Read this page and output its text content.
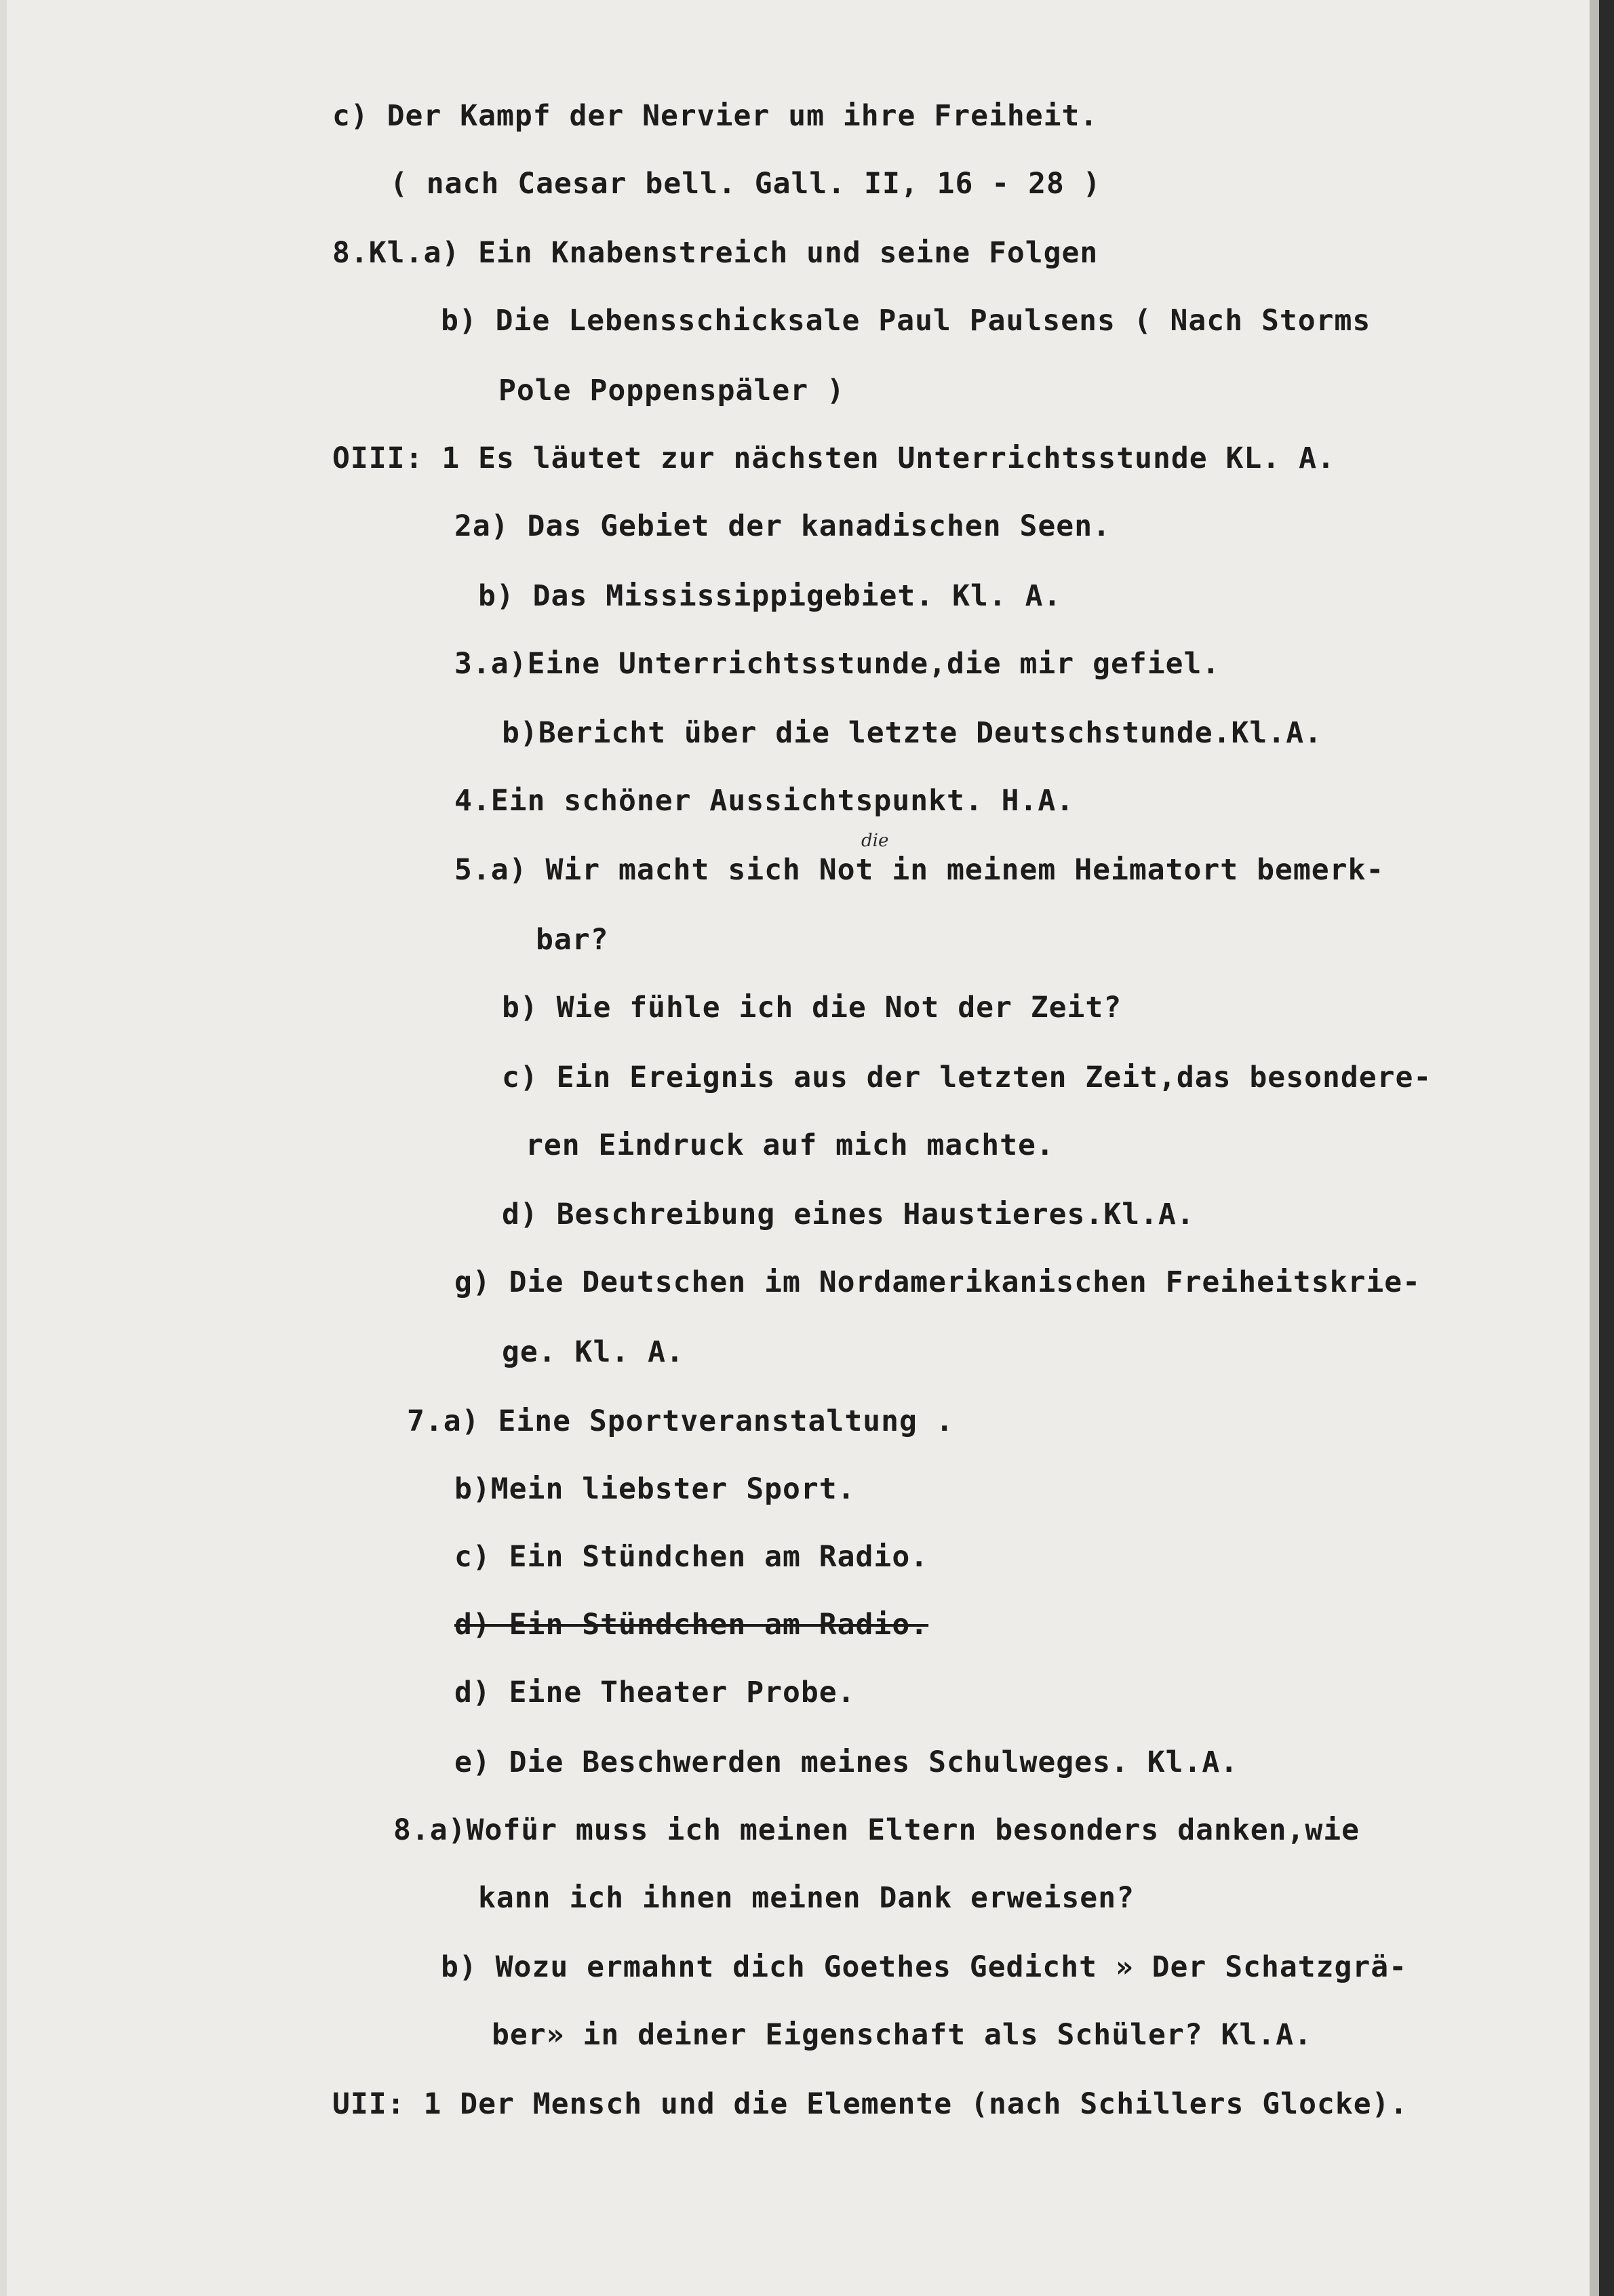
c) Der Kampf der Nervier um ihre Freiheit.
( nach Caesar bell. Gall. II, 16 - 28 )
8.Kl.a) Ein Knabenstreich und seine Folgen
b) Die Lebensschicksale Paul Paulsens ( Nach Storms
Pole Poppenspäler )
OIII: 1 Es läutet zur nächsten Unterrichtsstunde KL. A.
2a) Das Gebiet der kanadischen Seen.
b) Das Mississippigebiet. Kl. A.
3.a)Eine Unterrichtsstunde,die mir gefiel.
b)Bericht über die letzte Deutschstunde.Kl.A.
4.Ein schöner Aussichtspunkt. H.A.
die
5.a) Wir macht sich Not in meinem Heimatort bemerk-
bar?
b) Wie fühle ich die Not der Zeit?
c) Ein Ereignis aus der letzten Zeit,das besondere-
ren Eindruck auf mich machte.
d) Beschreibung eines Haustieres.Kl.A.
g) Die Deutschen im Nordamerikanischen Freiheitskrie-
ge. Kl. A.
7.a) Eine Sportveranstaltung .
b)Mein liebster Sport.
c) Ein Stündchen am Radio.
d) Ein Stündchen am Radio.
d) Eine Theater Probe.
e) Die Beschwerden meines Schulweges. Kl.A.
8.a)Wofür muss ich meinen Eltern besonders danken,wie
kann ich ihnen meinen Dank erweisen?
b) Wozu ermahnt dich Goethes Gedicht » Der Schatzgrä-
ber» in deiner Eigenschaft als Schüler? Kl.A.
UII: 1 Der Mensch und die Elemente (nach Schillers Glocke).
